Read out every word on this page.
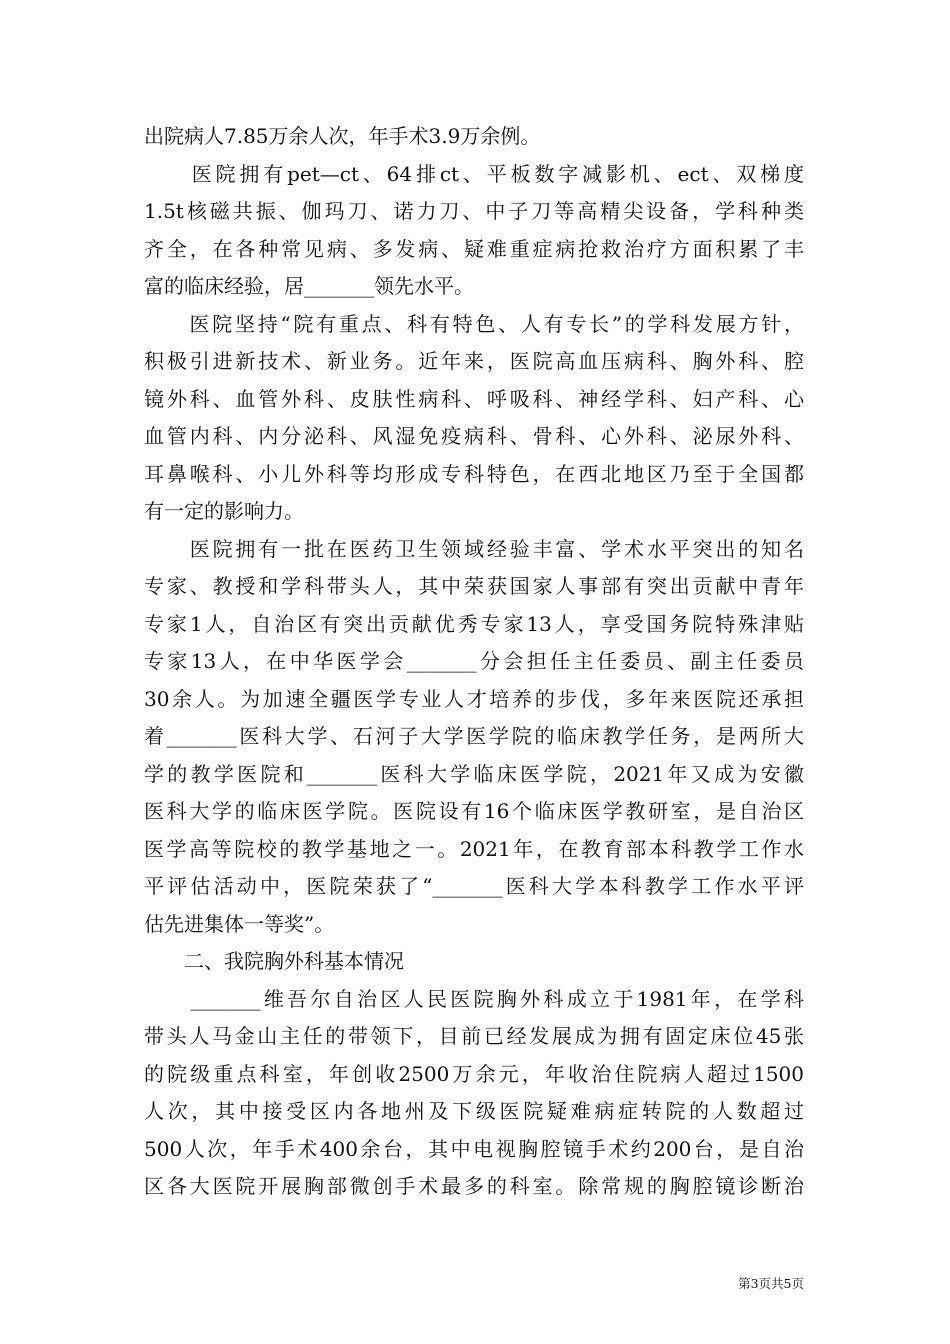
出院病人7.85万余人次，年手术3.9万余例。
　　医院拥有pet—ct、64排ct、平板数字减影机、ect、双梯度
1.5t核磁共振、伽玛刀、诺力刀、中子刀等高精尖设备，学科种类
齐全，在各种常见病、多发病、疑难重症病抢救治疗方面积累了丰
富的临床经验，居_______领先水平。
　　医院坚持“院有重点、科有特色、人有专长”的学科发展方针，
积极引进新技术、新业务。近年来，医院高血压病科、胸外科、腔
镜外科、血管外科、皮肤性病科、呼吸科、神经学科、妇产科、心
血管内科、内分泌科、风湿免疫病科、骨科、心外科、泌尿外科、
耳鼻喉科、小儿外科等均形成专科特色，在西北地区乃至于全国都
有一定的影响力。
　　医院拥有一批在医药卫生领域经验丰富、学术水平突出的知名
专家、教授和学科带头人，其中荣获国家人事部有突出贡献中青年
专家1人，自治区有突出贡献优秀专家13人，享受国务院特殊津贴
专家13人，在中华医学会_______分会担任主任委员、副主任委员
30余人。为加速全疆医学专业人才培养的步伐，多年来医院还承担
着_______医科大学、石河子大学医学院的临床教学任务，是两所大
学的教学医院和_______医科大学临床医学院，2021年又成为安徽
医科大学的临床医学院。医院设有16个临床医学教研室，是自治区
医学高等院校的教学基地之一。2021年，在教育部本科教学工作水
平评估活动中，医院荣获了“_______医科大学本科教学工作水平评
估先进集体一等奖”。
　　二、我院胸外科基本情况
　　_______维吾尔自治区人民医院胸外科成立于1981年，在学科
带头人马金山主任的带领下，目前已经发展成为拥有固定床位45张
的院级重点科室，年创收2500万余元，年收治住院病人超过1500
人次，其中接受区内各地州及下级医院疑难病症转院的人数超过
500人次，年手术400余台，其中电视胸腔镜手术约200台，是自治
区各大医院开展胸部微创手术最多的科室。除常规的胸腔镜诊断治
第3页共5页
